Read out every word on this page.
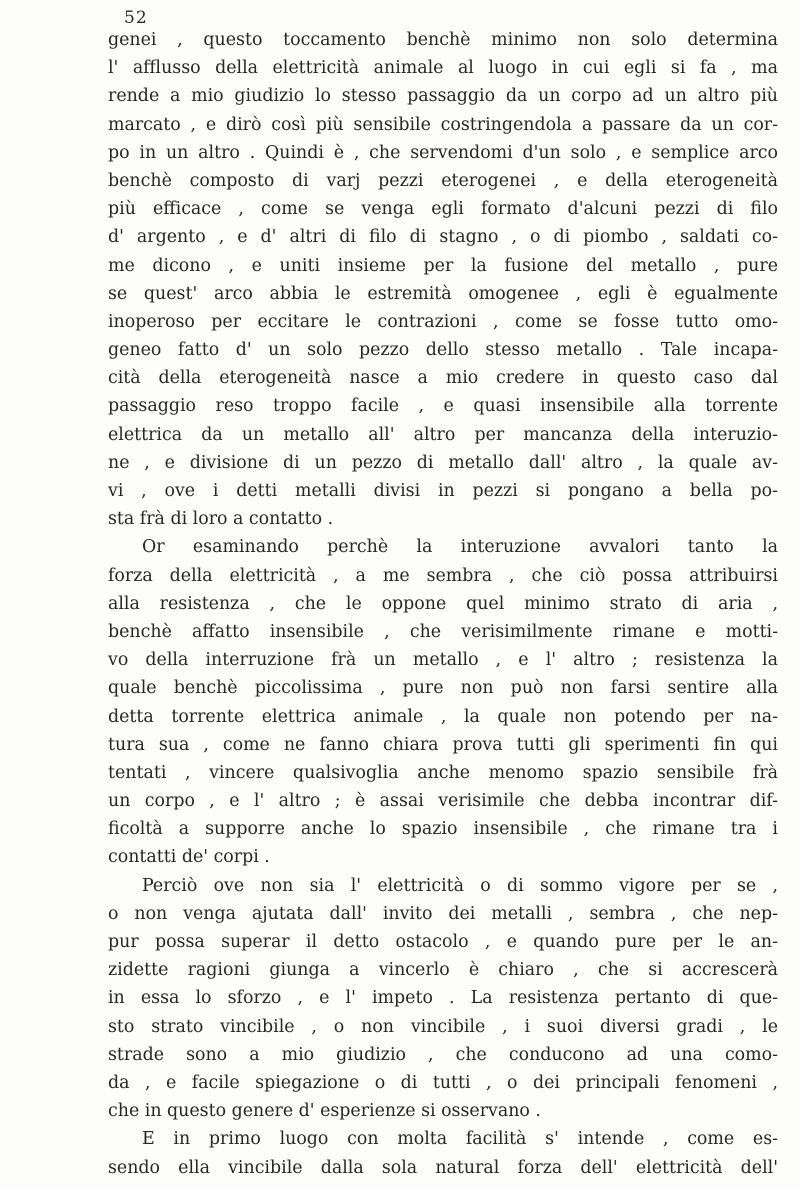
52
genei , questo toccamento benchè minimo non solo determina
l' afflusso della elettricità animale al luogo in cui egli si fa , ma
rende a mio giudizio lo stesso passaggio da un corpo ad un altro più
marcato , e dirò così più sensibile costringendola a passare da un cor-
po in un altro . Quindi è , che servendomi d'un solo , e semplice arco
benchè composto di varj pezzi eterogenei , e della eterogeneità
più efficace , come se venga egli formato d'alcuni pezzi di filo
d' argento , e d' altri di filo di stagno , o di piombo , saldati co-
me dicono , e uniti insieme per la fusione del metallo , pure
se quest' arco abbia le estremità omogenee , egli è egualmente
inoperoso per eccitare le contrazioni , come se fosse tutto omo-
geneo fatto d' un solo pezzo dello stesso metallo . Tale incapa-
cità della eterogeneità nasce a mio credere in questo caso dal
passaggio reso troppo facile , e quasi insensibile alla torrente
elettrica da un metallo all' altro per mancanza della interuzio-
ne , e divisione di un pezzo di metallo dall' altro , la quale av-
vi , ove i detti metalli divisi in pezzi si pongano a bella po-
sta frà di loro a contatto .
Or esaminando perchè la interuzione avvalori tanto la
forza della elettricità , a me sembra , che ciò possa attribuirsi
alla resistenza , che le oppone quel minimo strato di aria ,
benchè affatto insensibile , che verisimilmente rimane e motti-
vo della interruzione frà un metallo , e l' altro ; resistenza la
quale benchè piccolissima , pure non può non farsi sentire alla
detta torrente elettrica animale , la quale non potendo per na-
tura sua , come ne fanno chiara prova tutti gli sperimenti fin qui
tentati , vincere qualsivoglia anche menomo spazio sensibile frà
un corpo , e l' altro ; è assai verisimile che debba incontrar dif-
ficoltà a supporre anche lo spazio insensibile , che rimane tra i
contatti de' corpi .
Perciò ove non sia l' elettricità o di sommo vigore per se ,
o non venga ajutata dall' invito dei metalli , sembra , che nep-
pur possa superar il detto ostacolo , e quando pure per le an-
zidette ragioni giunga a vincerlo è chiaro , che si accrescerà
in essa lo sforzo , e l' impeto . La resistenza pertanto di que-
sto strato vincibile , o non vincibile , i suoi diversi gradi , le
strade sono a mio giudizio , che conducono ad una como-
da , e facile spiegazione o di tutti , o dei principali fenomeni ,
che in questo genere d' esperienze si osservano .
E in primo luogo con molta facilità s' intende , come es-
sendo ella vincibile dalla sola natural forza dell' elettricità dell'
